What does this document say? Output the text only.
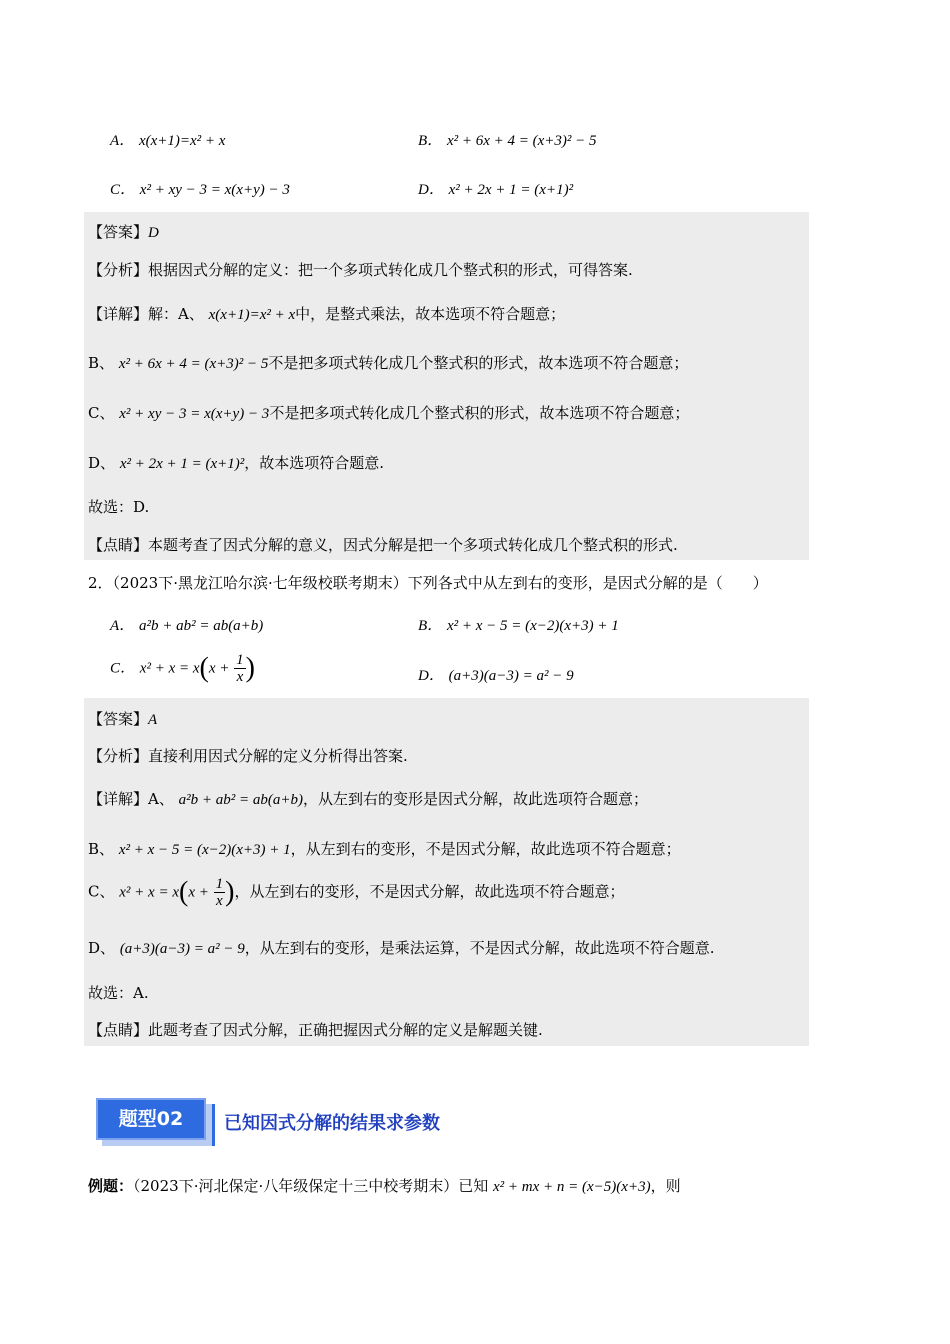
A． x(x+1)=x² + x	B． x² + 6x + 4 = (x+3)² − 5
C． x² + xy − 3 = x(x+y) − 3	D． x² + 2x + 1 = (x+1)²
【答案】D
【分析】根据因式分解的定义：把一个多项式转化成几个整式积的形式，可得答案.
【详解】解：A、 x(x+1)=x² + x中，是整式乘法，故本选项不符合题意；
B、 x² + 6x + 4 = (x+3)² − 5不是把多项式转化成几个整式积的形式，故本选项不符合题意；
C、 x² + xy − 3 = x(x+y) − 3不是把多项式转化成几个整式积的形式，故本选项不符合题意；
D、 x² + 2x + 1 = (x+1)²，故本选项符合题意.
故选：D.
【点睛】本题考查了因式分解的意义，因式分解是把一个多项式转化成几个整式积的形式.
2．（2023下·黑龙江哈尔滨·七年级校联考期末）下列各式中从左到右的变形，是因式分解的是（　　）
A． a²b + ab² = ab(a+b)	B． x² + x − 5 = (x−2)(x+3) + 1
C． $x^2 + x = x(x + \frac{1}{x}$ )	D． (a+3)(a−3) = a² − 9
【答案】A
【分析】直接利用因式分解的定义分析得出答案.
【详解】A、 a²b + ab² = ab(a+b)，从左到右的变形是因式分解，故此选项符合题意；
B、 x² + x − 5 = (x−2)(x+3) + 1，从左到右的变形，不是因式分解，故此选项不符合题意；
C、 $x^2 + x = x(x + \frac{1}{x}$ )，从左到右的变形，不是因式分解，故此选项不符合题意；
D、 (a+3)(a−3) = a² − 9，从左到右的变形，是乘法运算，不是因式分解，故此选项不符合题意.
故选：A.
【点睛】此题考查了因式分解，正确把握因式分解的定义是解题关键.
题型02	已知因式分解的结果求参数
例题：（2023下·河北保定·八年级保定十三中校考期末）已知 x² + mx + n = (x−5)(x+3)，则
